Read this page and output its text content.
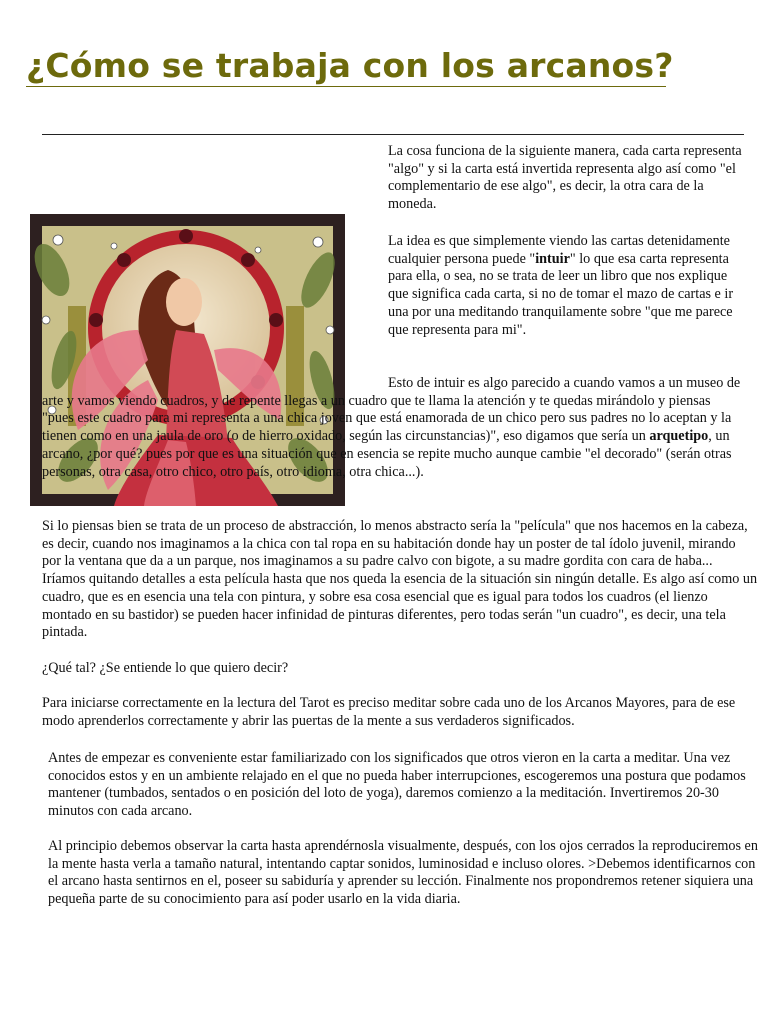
¿Cómo se trabaja con los arcanos?

La cosa funciona de la siguiente manera, cada carta representa "algo" y si la carta está invertida representa algo así como "el complementario de ese algo", es decir, la otra cara de la moneda.

La idea es que simplemente viendo las cartas detenidamente cualquier persona puede "intuir" lo que esa carta representa para ella, o sea, no se trata de leer un libro que nos explique que significa cada carta, si no de tomar el mazo de cartas e ir una por una meditando tranquilamente sobre "que me parece que representa para mi".

Esto de intuir es algo parecido a cuando vamos a un museo de arte y vamos viendo cuadros, y de repente llegas a un cuadro que te llama la atención y te quedas mirándolo y piensas "pues este cuadro para mi representa a una chica joven que está enamorada de un chico pero sus padres no lo aceptan y la tienen como en una jaula de oro (o de hierro oxidado, según las circunstancias)", eso digamos que sería un arquetipo, un arcano, ¿por qué? pues por que es una situación que en esencia se repite mucho aunque cambie "el decorado" (serán otras personas, otra casa, otro chico, otro país, otro idioma, otra chica...).

Si lo piensas bien se trata de un proceso de abstracción, lo menos abstracto sería la "película" que nos hacemos en la cabeza, es decir, cuando nos imaginamos a la chica con tal ropa en su habitación donde hay un poster de tal ídolo juvenil, mirando por la ventana que da a un parque, nos imaginamos a su padre calvo con bigote, a su madre gordita con cara de haba... Iríamos quitando detalles a esta película hasta que nos queda la esencia de la situación sin ningún detalle. Es algo así como un cuadro, que es en esencia una tela con pintura, y sobre esa cosa esencial que es igual para todos los cuadros (el lienzo montado en su bastidor) se pueden hacer infinidad de pinturas diferentes, pero todas serán "un cuadro", es decir, una tela pintada.

¿Qué tal? ¿Se entiende lo que quiero decir?

Para iniciarse correctamente en la lectura del Tarot es preciso meditar sobre cada uno de los Arcanos Mayores, para de ese modo aprenderlos correctamente y abrir las puertas de la mente a sus verdaderos significados.

Antes de empezar es conveniente estar familiarizado con los significados que otros vieron en la carta a meditar. Una vez conocidos estos y en un ambiente relajado en el que no pueda haber interrupciones, escogeremos una postura que podamos mantener (tumbados, sentados o en posición del loto de yoga), daremos comienzo a la meditación. Invertiremos 20-30 minutos con cada arcano.

Al principio debemos observar la carta hasta aprendérnosla visualmente, después, con los ojos cerrados la reproduciremos en la mente hasta verla a tamaño natural, intentando captar sonidos, luminosidad e incluso olores. >Debemos identificarnos con el arcano hasta sentirnos en el, poseer su sabiduría y aprender su lección. Finalmente nos propondremos retener siquiera una pequeña parte de su conocimiento para así poder usarlo en la vida diaria.
